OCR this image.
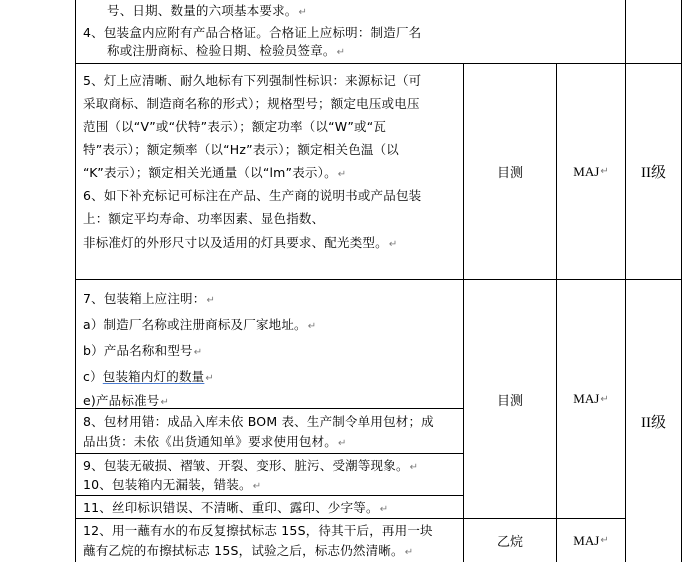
号、日期、数量的六项基本要求。↵
4、包装盒内应附有产品合格证。合格证上应标明：制造厂名
称或注册商标、检验日期、检验员签章。↵
5、灯上应清晰、耐久地标有下列强制性标识：来源标记（可
采取商标、制造商名称的形式）；规格型号；额定电压或电压
范围（以“V”或“伏特”表示）；额定功率（以“W”或“瓦
特”表示）；额定频率（以“Hz”表示）；额定相关色温（以
“K”表示）；额定相关光通量（以“lm”表示）。↵
6、如下补充标记可标注在产品、生产商的说明书或产品包装
上：额定平均寿命、功率因素、显色指数、
非标准灯的外形尺寸以及适用的灯具要求、配光类型。↵
目测	MAJ ↵	II级
7、包装箱上应注明：↵
a）制造厂名称或注册商标及厂家地址。↵
b）产品名称和型号↵
c）包装箱内灯的数量↵
e)产品标准号↵
8、包材用错：成品入库未依 BOM 表、生产制令单用包材；成
品出货：未依《出货通知单》要求使用包材。↵
9、包装无破损、褶皱、开裂、变形、脏污、受潮等现象。↵
10、包装箱内无漏装，错装。↵
11、丝印标识错误、不清晰、重印、露印、少字等。↵
目测	MAJ ↵
II级
12、用一蘸有水的布反复擦拭标志 15S，待其干后，再用一块
蘸有乙烷的布擦拭标志 15S，试验之后，标志仍然清晰。↵
乙烷	MAJ ↵
